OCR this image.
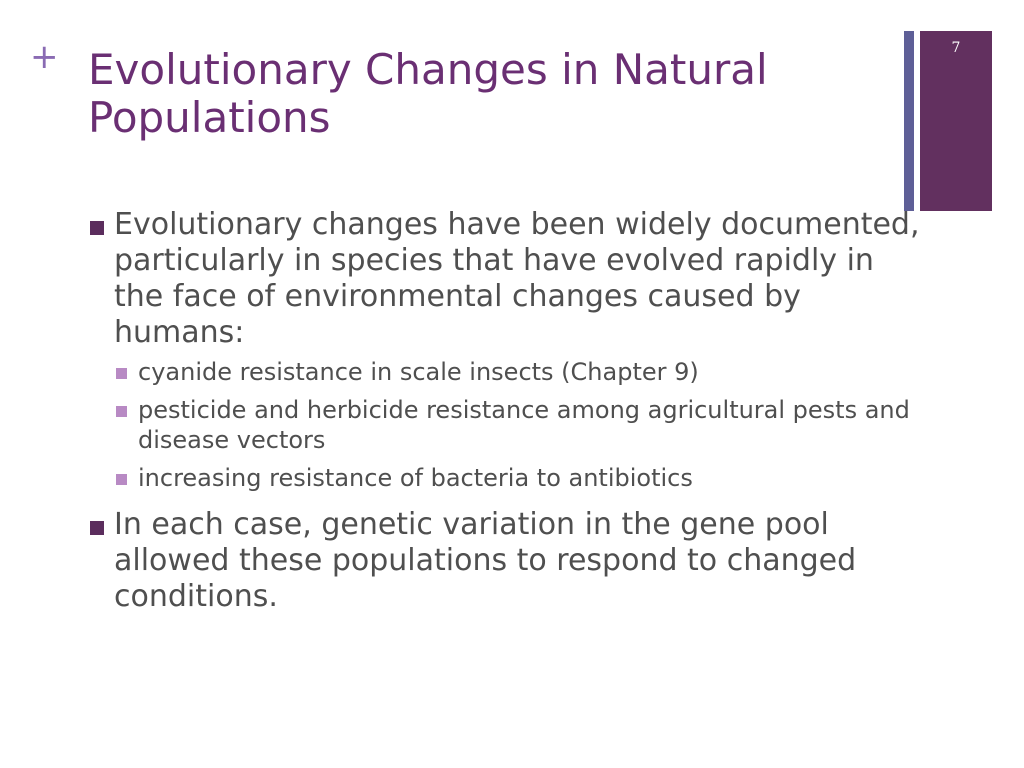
+	7
Evolutionary Changes in Natural Populations
Evolutionary changes have been widely documented, particularly in species that have evolved rapidly in the face of environmental changes caused by humans:
cyanide resistance in scale insects (Chapter 9)
pesticide and herbicide resistance among agricultural pests and disease vectors
increasing resistance of bacteria to antibiotics
In each case, genetic variation in the gene pool allowed these populations to respond to changed conditions.
